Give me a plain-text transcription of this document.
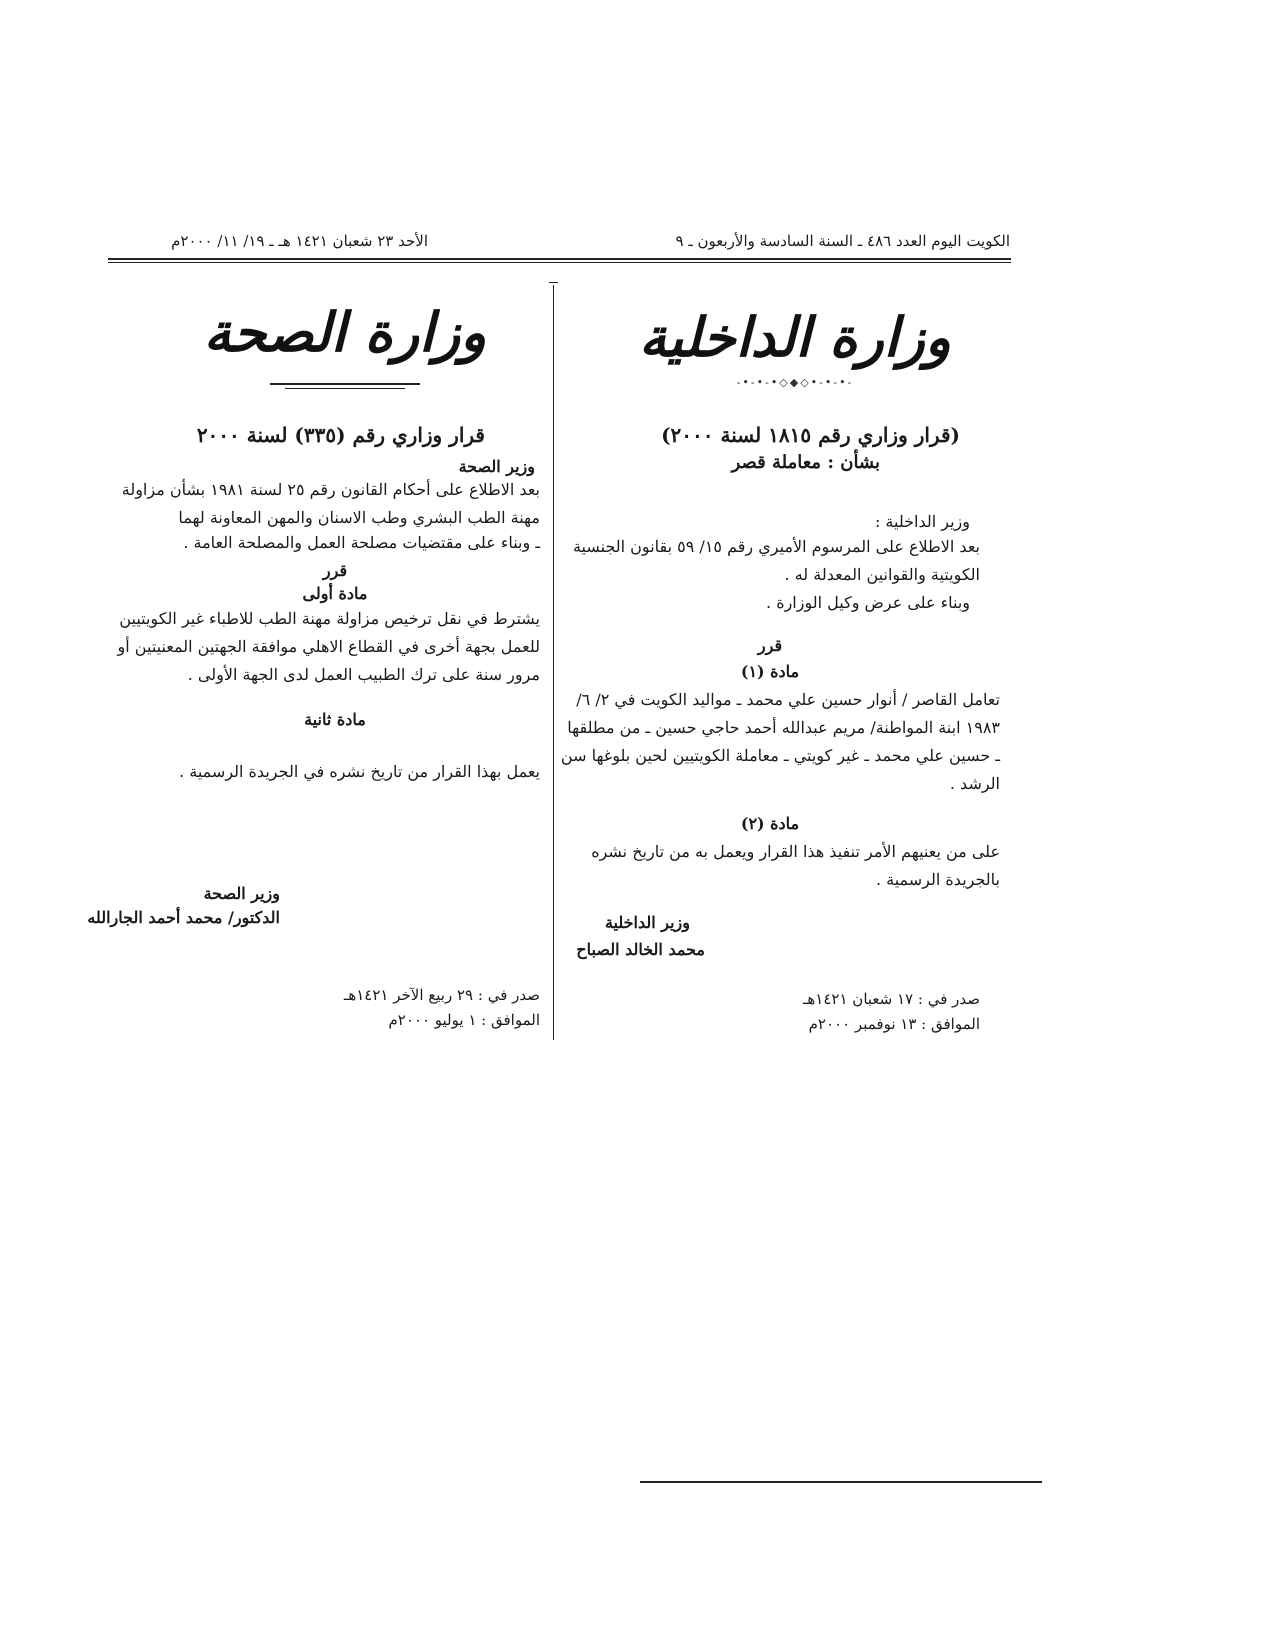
الكويت اليوم العدد ٤٨٦ ـ السنة السادسة والأربعون ـ ٩
الأحد ٢٣ شعبان ١٤٢١ هـ ـ ١٩/ ١١/ ٢٠٠٠م
وزارة الداخلية
-•-•-•◇◆◇•-•-•-
(قرار وزاري رقم ١٨١٥ لسنة ٢٠٠٠)
بشأن : معاملة قصر
وزير الداخلية :
بعد الاطلاع على المرسوم الأميري رقم ١٥/ ٥٩ بقانون الجنسية الكويتية والقوانين المعدلة له .
وبناء على عرض وكيل الوزارة .
قرر
مادة (١)
تعامل القاصر / أنوار حسين علي محمد ـ مواليد الكويت في ٢/ ٦/ ١٩٨٣ ابنة المواطنة/ مريم عبدالله أحمد حاجي حسين ـ من مطلقها ـ حسين علي محمد ـ غير كويتي ـ معاملة الكويتيين لحين بلوغها سن الرشد .
مادة (٢)
على من يعنيهم الأمر تنفيذ هذا القرار ويعمل به من تاريخ نشره بالجريدة الرسمية .
وزير الداخلية
محمد الخالد الصباح
صدر في : ١٧ شعبان ١٤٢١هـ
الموافق : ١٣ نوفمبر ٢٠٠٠م
وزارة الصحة
قرار وزاري رقم (٣٣٥) لسنة ٢٠٠٠
وزير الصحة
بعد الاطلاع على أحكام القانون رقم ٢٥ لسنة ١٩٨١ بشأن مزاولة مهنة الطب البشري وطب الاسنان والمهن المعاونة لهما
ـ وبناء على مقتضيات مصلحة العمل والمصلحة العامة .
قرر
مادة أولى
يشترط في نقل ترخيص مزاولة مهنة الطب للاطباء غير الكويتيين للعمل بجهة أخرى في القطاع الاهلي موافقة الجهتين المعنيتين أو مرور سنة على ترك الطبيب العمل لدى الجهة الأولى .
مادة ثانية
يعمل بهذا القرار من تاريخ نشره في الجريدة الرسمية .
وزير الصحة
الدكتور/ محمد أحمد الجارالله
صدر في : ٢٩ ربيع الآخر ١٤٢١هـ
الموافق : ١ يوليو ٢٠٠٠م
